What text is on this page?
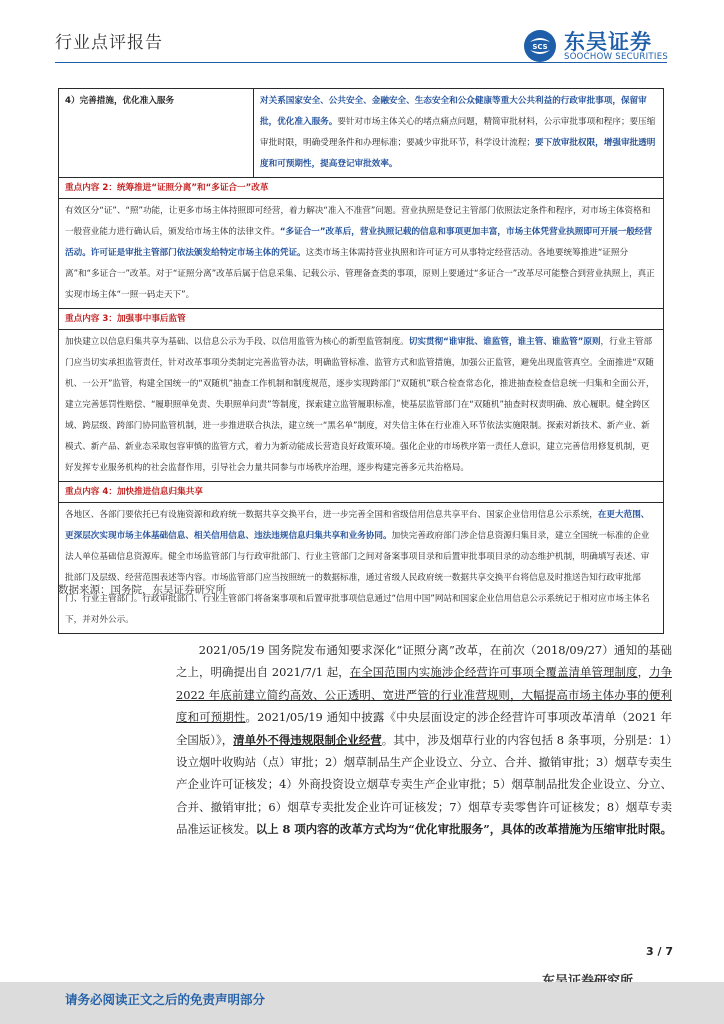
行业点评报告	SCS 东吴证券
SOOCHOW SECURITIES
4）完善措施，优化准入服务	对关系国家安全、公共安全、金融安全、生态安全和公众健康等重大公共利益的行政审批事项，保留审批，优化准入服务。要针对市场主体关心的堵点痛点问题，精简审批材料，公示审批事项和程序；要压缩审批时限，明确受理条件和办理标准；要减少审批环节，科学设计流程；要下放审批权限，增强审批透明度和可预期性，提高登记审批效率。
重点内容 2：统筹推进“证照分离”和“多证合一”改革
有效区分“证”、“照”功能，让更多市场主体持照即可经营，着力解决“准入不准营”问题。营业执照是登记主管部门依照法定条件和程序，对市场主体资格和一般营业能力进行确认后，颁发给市场主体的法律文件。“多证合一”改革后，营业执照记载的信息和事项更加丰富，市场主体凭营业执照即可开展一般经营活动。许可证是审批主管部门依法颁发给特定市场主体的凭证。这类市场主体需持营业执照和许可证方可从事特定经营活动。各地要统筹推进“证照分离”和“多证合一”改革。对于“证照分离”改革后属于信息采集、记载公示、管理备查类的事项，原则上要通过“多证合一”改革尽可能整合到营业执照上，真正实现市场主体“一照一码走天下”。
重点内容 3：加强事中事后监管
加快建立以信息归集共享为基础、以信息公示为手段、以信用监管为核心的新型监管制度。切实贯彻“谁审批、谁监管，谁主管、谁监管”原则，行业主管部门应当切实承担监管责任，针对改革事项分类制定完善监管办法，明确监管标准、监管方式和监管措施，加强公正监管，避免出现监管真空。全面推进“双随机、一公开”监管，构建全国统一的“双随机”抽查工作机制和制度规范，逐步实现跨部门“双随机”联合检查常态化，推进抽查检查信息统一归集和全面公开，建立完善惩罚性赔偿、“履职照单免责、失职照单问责”等制度，探索建立监管履职标准，使基层监管部门在“双随机”抽查时权责明确、放心履职。健全跨区域、跨层级、跨部门协同监管机制，进一步推进联合执法，建立统一“黑名单”制度，对失信主体在行业准入环节依法实施限制。探索对新技术、新产业、新模式、新产品、新业态采取包容审慎的监管方式，着力为新动能成长营造良好政策环境。强化企业的市场秩序第一责任人意识，建立完善信用修复机制，更好发挥专业服务机构的社会监督作用，引导社会力量共同参与市场秩序治理，逐步构建完善多元共治格局。
重点内容 4：加快推进信息归集共享
各地区、各部门要依托已有设施资源和政府统一数据共享交换平台，进一步完善全国和省级信用信息共享平台、国家企业信用信息公示系统，在更大范围、更深层次实现市场主体基础信息、相关信用信息、违法违规信息归集共享和业务协同。加快完善政府部门涉企信息资源归集目录，建立全国统一标准的企业法人单位基础信息资源库。健全市场监管部门与行政审批部门、行业主管部门之间对备案事项目录和后置审批事项目录的动态维护机制，明确填写表述、审批部门及层级、经营范围表述等内容。市场监管部门应当按照统一的数据标准，通过省级人民政府统一数据共享交换平台将信息及时推送告知行政审批部门、行业主管部门。行政审批部门、行业主管部门将备案事项和后置审批事项信息通过“信用中国”网站和国家企业信用信息公示系统记于相对应市场主体名下，并对外公示。
数据来源：国务院，东吴证券研究所
2021/05/19 国务院发布通知要求深化“证照分离”改革，在前次（2018/09/27）通知的基础之上，明确提出自 2021/7/1 起，在全国范围内实施涉企经营许可事项全覆盖清单管理制度，力争 2022 年底前建立简约高效、公正透明、宽进严管的行业准营规则，大幅提高市场主体办事的便利度和可预期性。2021/05/19 通知中披露《中央层面设定的涉企经营许可事项改革清单（2021 年全国版）》，清单外不得违规限制企业经营。其中，涉及烟草行业的内容包括 8 条事项，分别是：1）设立烟叶收购站（点）审批；2）烟草制品生产企业设立、分立、合并、撤销审批；3）烟草专卖生产企业许可证核发；4）外商投资设立烟草专卖生产企业审批；5）烟草制品批发企业设立、分立、合并、撤销审批；6）烟草专卖批发企业许可证核发；7）烟草专卖零售许可证核发；8）烟草专卖品准运证核发。以上 8 项内容的改革方式均为“优化审批服务”，具体的改革措施为压缩审批时限。
3 / 7
请务必阅读正文之后的免责声明部分
